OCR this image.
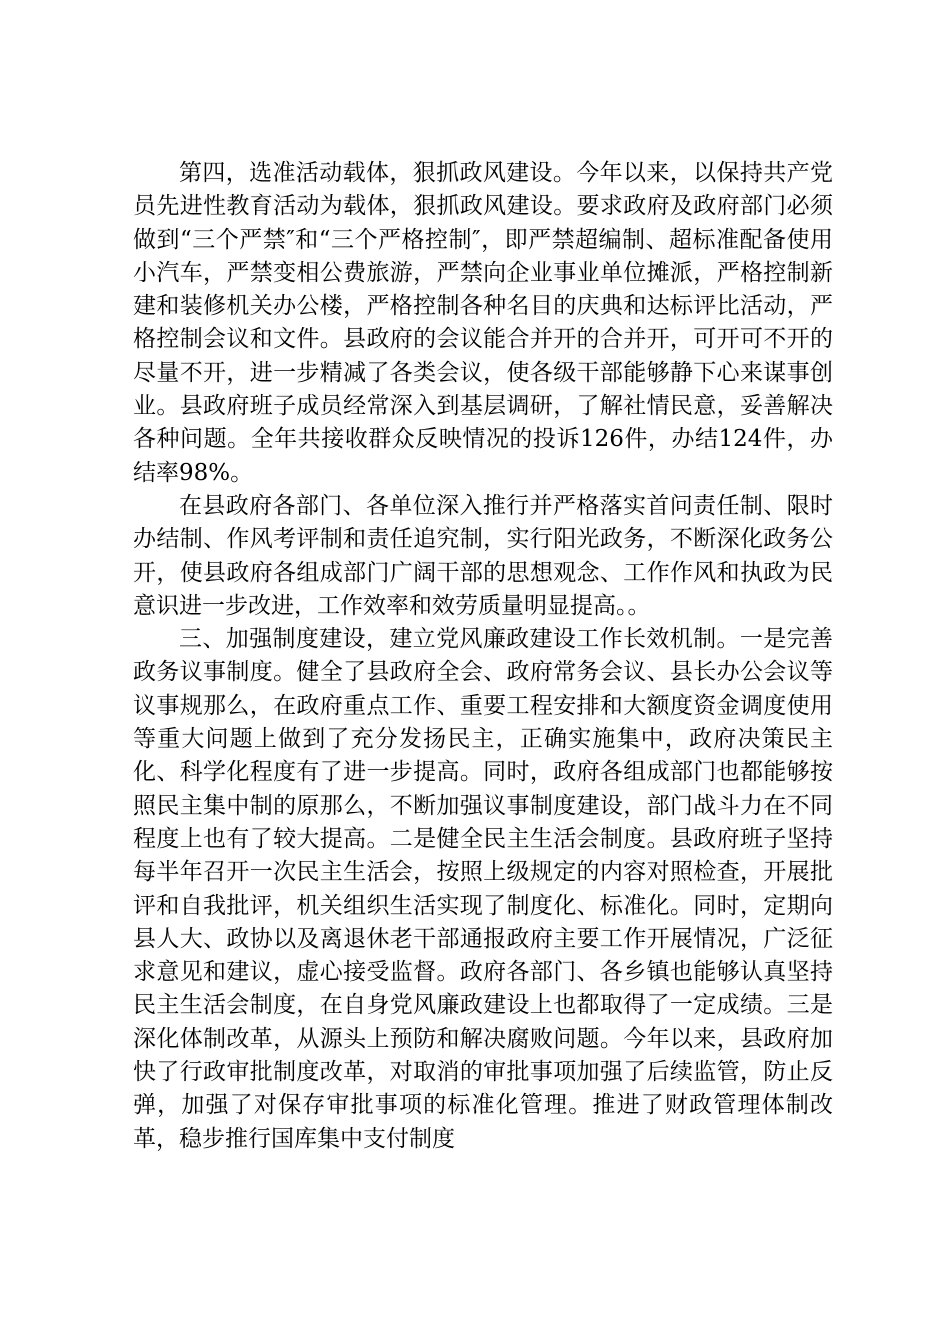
第四，选准活动载体，狠抓政风建设。今年以来，以保持共产党员先进性教育活动为载体，狠抓政风建设。要求政府及政府部门必须做到“三个严禁″和“三个严格控制″，即严禁超编制、超标准配备使用小汽车，严禁变相公费旅游，严禁向企业事业单位摊派，严格控制新建和装修机关办公楼，严格控制各种名目的庆典和达标评比活动，严格控制会议和文件。县政府的会议能合并开的合并开，可开可不开的尽量不开，进一步精减了各类会议，使各级干部能够静下心来谋事创业。县政府班子成员经常深入到基层调研，了解社情民意，妥善解决各种问题。全年共接收群众反映情况的投诉126件，办结124件，办结率98%。

在县政府各部门、各单位深入推行并严格落实首问责任制、限时办结制、作风考评制和责任追究制，实行阳光政务，不断深化政务公开，使县政府各组成部门广阔干部的思想观念、工作作风和执政为民意识进一步改进，工作效率和效劳质量明显提高。。

三、加强制度建设，建立党风廉政建设工作长效机制。一是完善政务议事制度。健全了县政府全会、政府常务会议、县长办公会议等议事规那么，在政府重点工作、重要工程安排和大额度资金调度使用等重大问题上做到了充分发扬民主，正确实施集中，政府决策民主化、科学化程度有了进一步提高。同时，政府各组成部门也都能够按照民主集中制的原那么，不断加强议事制度建设，部门战斗力在不同程度上也有了较大提高。二是健全民主生活会制度。县政府班子坚持每半年召开一次民主生活会，按照上级规定的内容对照检查，开展批评和自我批评，机关组织生活实现了制度化、标准化。同时，定期向县人大、政协以及离退休老干部通报政府主要工作开展情况，广泛征求意见和建议，虚心接受监督。政府各部门、各乡镇也能够认真坚持民主生活会制度，在自身党风廉政建设上也都取得了一定成绩。三是深化体制改革，从源头上预防和解决腐败问题。今年以来，县政府加快了行政审批制度改革，对取消的审批事项加强了后续监管，防止反弹，加强了对保存审批事项的标准化管理。推进了财政管理体制改革，稳步推行国库集中支付制度
